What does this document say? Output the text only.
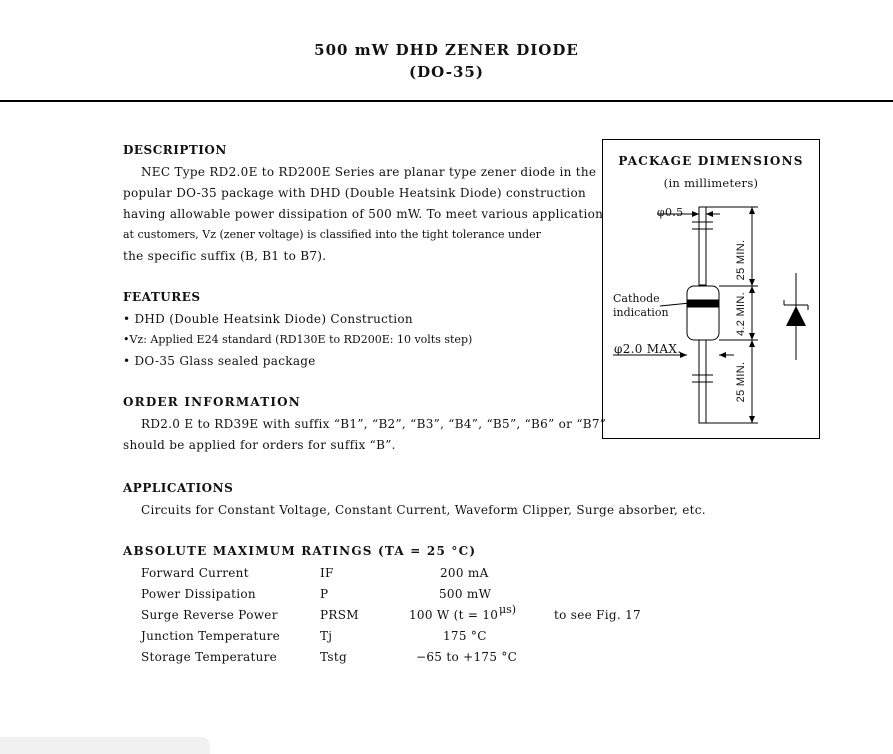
500 mW DHD ZENER DIODE
(DO-35)
DESCRIPTION
NEC Type RD2.0E to RD200E Series are planar type zener diode in the
popular DO-35 package with DHD (Double Heatsink Diode) construction
having allowable power dissipation of 500 mW. To meet various application
at customers, Vz (zener voltage) is classified into the tight tolerance under
the specific suffix (B, B1 to B7).
FEATURES
• DHD (Double Heatsink Diode) Construction
•Vz: Applied E24 standard (RD130E to RD200E: 10 volts step)
• DO-35 Glass sealed package
ORDER INFORMATION
RD2.0 E to RD39E with suffix “B1”, “B2”, “B3”, “B4”, “B5”, “B6” or “B7”
should be applied for orders for suffix “B”.
APPLICATIONS
Circuits for Constant Voltage, Constant Current, Waveform Clipper, Surge absorber, etc.
ABSOLUTE MAXIMUM RATINGS (TA = 25 °C)
Forward Current	IF	200 mA
Power Dissipation	P	500 mW
Surge Reverse Power	PRSM	100 W (t = 10 μs)	to see Fig. 17
Junction Temperature	Tj	175 °C
Storage Temperature	Tstg	−65 to +175 °C
PACKAGE DIMENSIONS
(in millimeters)
φ0.5
25 MIN.
4.2 MIN.
25 MIN.
φ2.0 MAX.
Cathode
indication
